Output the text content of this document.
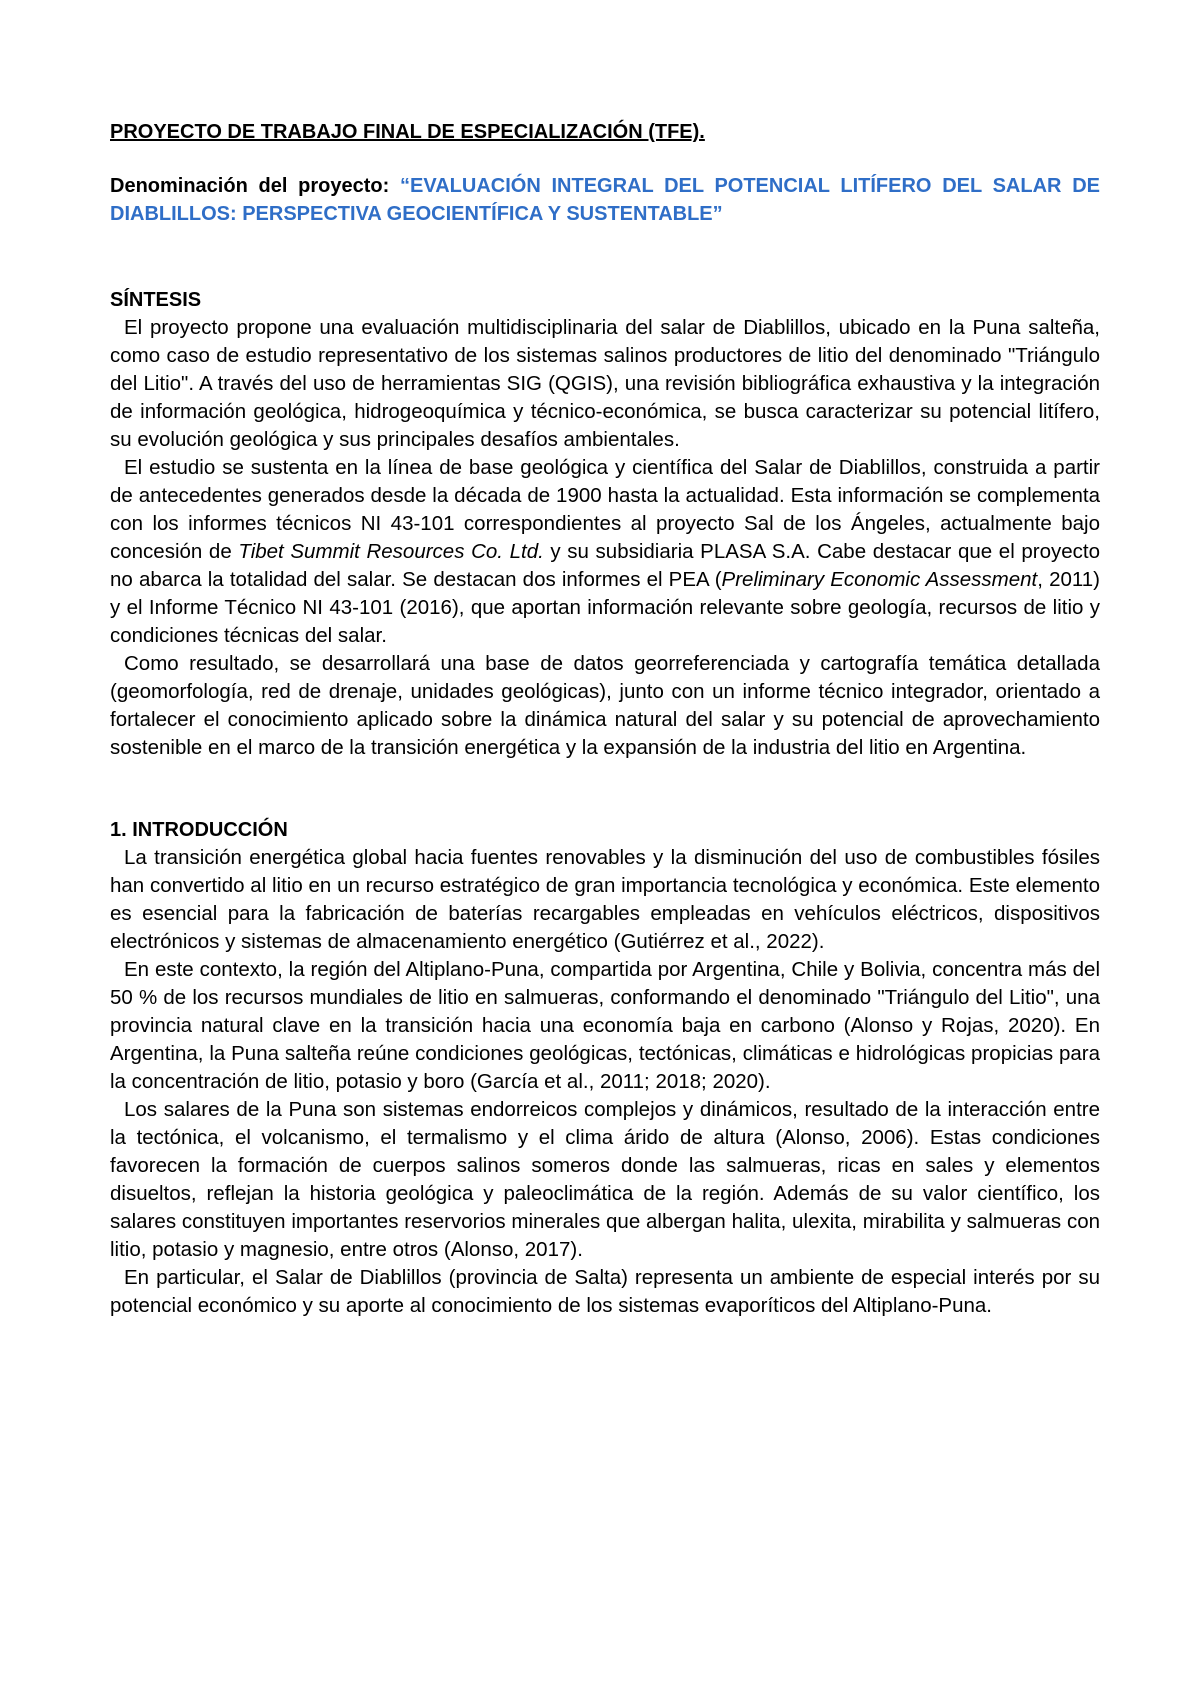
PROYECTO DE TRABAJO FINAL DE ESPECIALIZACIÓN (TFE).
Denominación del proyecto: “EVALUACIÓN INTEGRAL DEL POTENCIAL LITÍFERO DEL SALAR DE DIABLILLOS: PERSPECTIVA GEOCIENTÍFICA Y SUSTENTABLE”
SÍNTESIS

El proyecto propone una evaluación multidisciplinaria del salar de Diablillos, ubicado en la Puna salteña, como caso de estudio representativo de los sistemas salinos productores de litio del denominado "Triángulo del Litio". A través del uso de herramientas SIG (QGIS), una revisión bibliográfica exhaustiva y la integración de información geológica, hidrogeoquímica y técnico-económica, se busca caracterizar su potencial litífero, su evolución geológica y sus principales desafíos ambientales.

El estudio se sustenta en la línea de base geológica y científica del Salar de Diablillos, construida a partir de antecedentes generados desde la década de 1900 hasta la actualidad. Esta información se complementa con los informes técnicos NI 43-101 correspondientes al proyecto Sal de los Ángeles, actualmente bajo concesión de Tibet Summit Resources Co. Ltd. y su subsidiaria PLASA S.A. Cabe destacar que el proyecto no abarca la totalidad del salar. Se destacan dos informes el PEA (Preliminary Economic Assessment, 2011) y el Informe Técnico NI 43-101 (2016), que aportan información relevante sobre geología, recursos de litio y condiciones técnicas del salar.

Como resultado, se desarrollará una base de datos georreferenciada y cartografía temática detallada (geomorfología, red de drenaje, unidades geológicas), junto con un informe técnico integrador, orientado a fortalecer el conocimiento aplicado sobre la dinámica natural del salar y su potencial de aprovechamiento sostenible en el marco de la transición energética y la expansión de la industria del litio en Argentina.

1. INTRODUCCIÓN

La transición energética global hacia fuentes renovables y la disminución del uso de combustibles fósiles han convertido al litio en un recurso estratégico de gran importancia tecnológica y económica. Este elemento es esencial para la fabricación de baterías recargables empleadas en vehículos eléctricos, dispositivos electrónicos y sistemas de almacenamiento energético (Gutiérrez et al., 2022).

En este contexto, la región del Altiplano-Puna, compartida por Argentina, Chile y Bolivia, concentra más del 50 % de los recursos mundiales de litio en salmueras, conformando el denominado "Triángulo del Litio", una provincia natural clave en la transición hacia una economía baja en carbono (Alonso y Rojas, 2020). En Argentina, la Puna salteña reúne condiciones geológicas, tectónicas, climáticas e hidrológicas propicias para la concentración de litio, potasio y boro (García et al., 2011; 2018; 2020).

Los salares de la Puna son sistemas endorreicos complejos y dinámicos, resultado de la interacción entre la tectónica, el volcanismo, el termalismo y el clima árido de altura (Alonso, 2006). Estas condiciones favorecen la formación de cuerpos salinos someros donde las salmueras, ricas en sales y elementos disueltos, reflejan la historia geológica y paleoclimática de la región. Además de su valor científico, los salares constituyen importantes reservorios minerales que albergan halita, ulexita, mirabilita y salmueras con litio, potasio y magnesio, entre otros (Alonso, 2017).

En particular, el Salar de Diablillos (provincia de Salta) representa un ambiente de especial interés por su potencial económico y su aporte al conocimiento de los sistemas evaporíticos del Altiplano-Puna.
